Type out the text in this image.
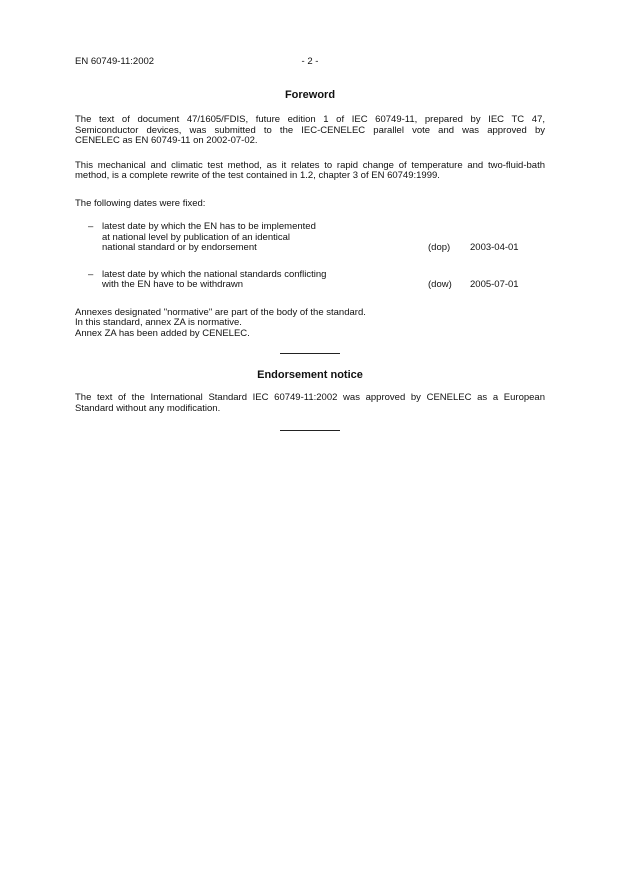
EN 60749-11:2002	- 2 -
Foreword

The text of document 47/1605/FDIS, future edition 1 of IEC 60749-11, prepared by IEC TC 47,
Semiconductor devices, was submitted to the IEC-CENELEC parallel vote and was approved by
CENELEC as EN 60749-11 on 2002-07-02.

This mechanical and climatic test method, as it relates to rapid change of temperature and two-fluid-bath
method, is a complete rewrite of the test contained in 1.2, chapter 3 of EN 60749:1999.

The following dates were fixed:

– latest date by which the EN has to be implemented
at national level by publication of an identical
national standard or by endorsement	(dop)	2003-04-01
– latest date by which the national standards conflicting
with the EN have to be withdrawn	(dow)	2005-07-01
Annexes designated "normative" are part of the body of the standard.
In this standard, annex ZA is normative.
Annex ZA has been added by CENELEC.
Endorsement notice

The text of the International Standard IEC 60749-11:2002 was approved by CENELEC as a European
Standard without any modification.
